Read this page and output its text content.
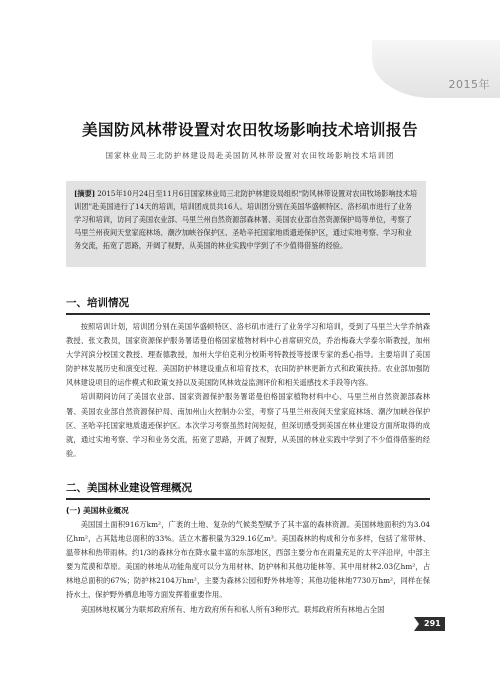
2015年
美国防风林带设置对农田牧场影响技术培训报告
国家林业局三北防护林建设局赴美国防风林带设置对农田牧场影响技术培训团
[摘要] 2015年10月24日至11月6日国家林业局三北防护林建设局组织“防风林带设置对农田牧场影响技术培训团”赴美国进行了14天的培训，培训团成员共16人。培训团分别在美国华盛顿特区、洛杉矶市进行了业务学习和培训，访问了美国农业部、马里兰州自然资源部森林署、美国农业部自然资源保护局等单位，考察了马里兰州夜间天堂家庭林场、潮汐加峡谷保护区、圣哈辛托国家地质遗迹保护区，通过实地考察、学习和业务交流，拓宽了思路，开阔了视野，从美国的林业实践中学到了不少值得借鉴的经验。
一、培训情况

按照培训计划，培训团分别在美国华盛顿特区、洛杉矶市进行了业务学习和培训，受到了马里兰大学乔纳森教授、张文教员，国家资源保护服务署诺曼伯格国家植物材料中心首席研究员，乔治梅森大学泰尔斯教授，加州大学河滨分校国文教授、理查德教授，加州大学伯克利分校斯考特教授等授课专家的悉心指导。主要培训了美国防护林发展历史和演变过程、美国防护林建设重点和培育技术，农田防护林更新方式和政策扶持。农业部加强防风林建设项目的运作模式和政策支持以及美国防风林效益监测评价和相关遥感技术手段等内容。

培训期间访问了美国农业部、国家资源保护服务署诺曼伯格国家植物材料中心、马里兰州自然资源部森林署、美国农业部自然资源保护局、南加州山火控制办公室，考察了马里兰州夜间天堂家庭林场、潮汐加峡谷保护区、圣哈辛托国家地质遗迹保护区。本次学习考察虽然时间短促，但深切感受到美国在林业建设方面所取得的成就，通过实地考察、学习和业务交流，拓宽了思路，开阔了视野，从美国的林业实践中学到了不少值得借鉴的经验。

二、美国林业建设管理概况
(一) 美国林业概况

美国国土面积916万km²，广袤的土地、复杂的气候类型赋予了其丰富的森林资源。美国林地面积约为3.04亿hm²，占其陆地总面积的33%。活立木蓄积量为329.16亿m³。美国森林的构成和分布多样，包括了常带林、温带林和热带雨林。约1/3的森林分布在降水量丰富的东部地区，西部主要分布在雨量充足的太平洋沿岸，中部主要为荒漠和草原。美国的林地从功能角度可以分为用材林、防护林和其他功能林等。其中用材林2.03亿hm²，占林地总面积的67%；防护林2104万hm²，主要为森林公园和野外林地等；其他功能林地7730万hm²，同样在保持水土、保护野外栖息地等方面发挥着重要作用。

美国林地权属分为联邦政府所有、地方政府所有和私人所有3种形式。联邦政府所有林地占全国

291
